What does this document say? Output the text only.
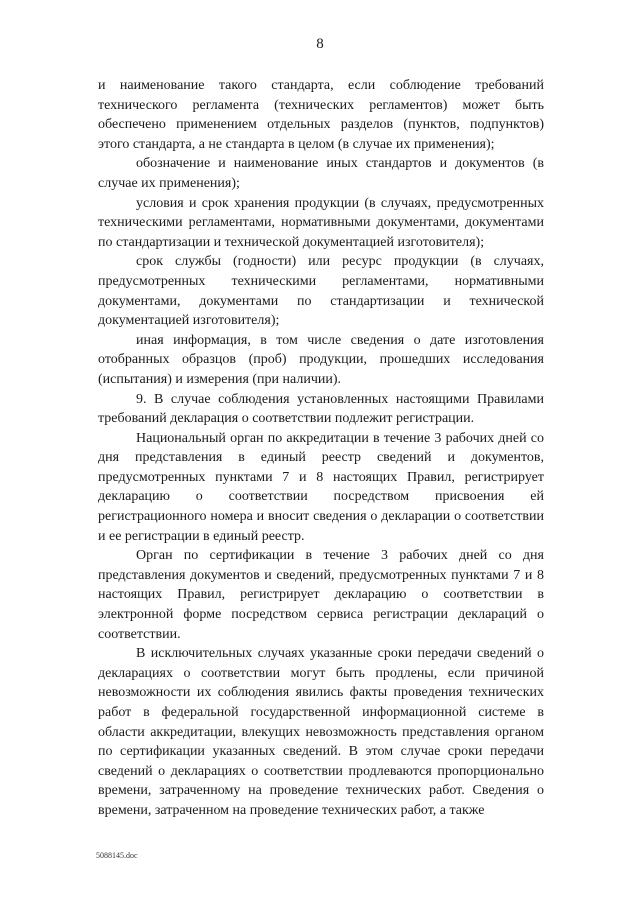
8

и наименование такого стандарта, если соблюдение требований технического регламента (технических регламентов) может быть обеспечено применением отдельных разделов (пунктов, подпунктов) этого стандарта, а не стандарта в целом (в случае их применения);

обозначение и наименование иных стандартов и документов (в случае их применения);

условия и срок хранения продукции (в случаях, предусмотренных техническими регламентами, нормативными документами, документами по стандартизации и технической документацией изготовителя);

срок службы (годности) или ресурс продукции (в случаях, предусмотренных техническими регламентами, нормативными документами, документами по стандартизации и технической документацией изготовителя);

иная информация, в том числе сведения о дате изготовления отобранных образцов (проб) продукции, прошедших исследования (испытания) и измерения (при наличии).

9. В случае соблюдения установленных настоящими Правилами требований декларация о соответствии подлежит регистрации.

Национальный орган по аккредитации в течение 3 рабочих дней со дня представления в единый реестр сведений и документов, предусмотренных пунктами 7 и 8 настоящих Правил, регистрирует декларацию о соответствии посредством присвоения ей регистрационного номера и вносит сведения о декларации о соответствии и ее регистрации в единый реестр.

Орган по сертификации в течение 3 рабочих дней со дня представления документов и сведений, предусмотренных пунктами 7 и 8 настоящих Правил, регистрирует декларацию о соответствии в электронной форме посредством сервиса регистрации деклараций о соответствии.

В исключительных случаях указанные сроки передачи сведений о декларациях о соответствии могут быть продлены, если причиной невозможности их соблюдения явились факты проведения технических работ в федеральной государственной информационной системе в области аккредитации, влекущих невозможность представления органом по сертификации указанных сведений. В этом случае сроки передачи сведений о декларациях о соответствии продлеваются пропорционально времени, затраченному на проведение технических работ. Сведения о времени, затраченном на проведение технических работ, а также

5088145.doc
